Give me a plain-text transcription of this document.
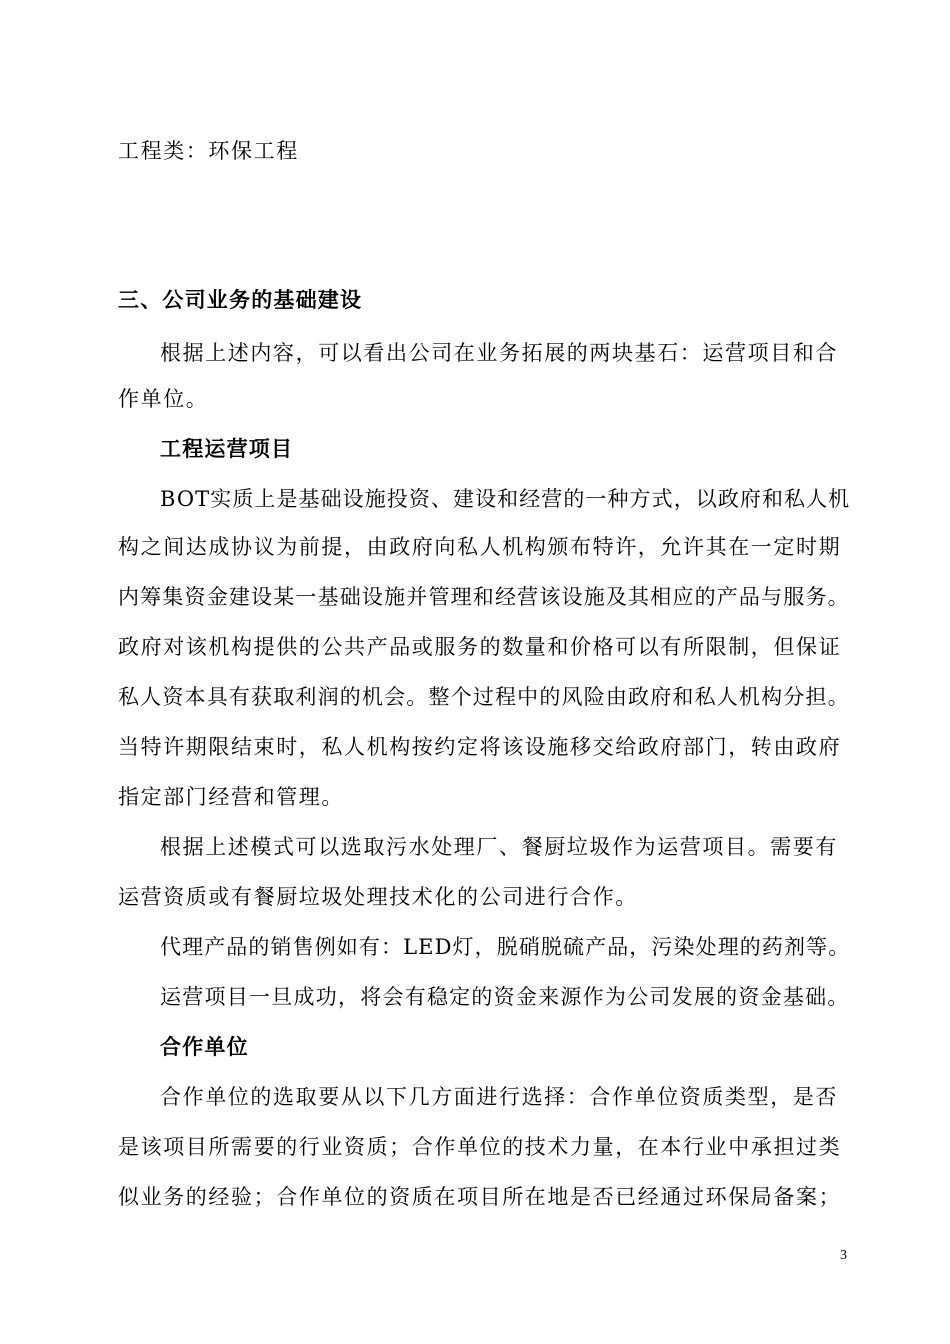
工程类：环保工程
三、公司业务的基础建设
根据上述内容，可以看出公司在业务拓展的两块基石：运营项目和合
作单位。
工程运营项目
BOT实质上是基础设施投资、建设和经营的一种方式，以政府和私人机
构之间达成协议为前提，由政府向私人机构颁布特许，允许其在一定时期
内筹集资金建设某一基础设施并管理和经营该设施及其相应的产品与服务。
政府对该机构提供的公共产品或服务的数量和价格可以有所限制，但保证
私人资本具有获取利润的机会。整个过程中的风险由政府和私人机构分担。
当特许期限结束时，私人机构按约定将该设施移交给政府部门，转由政府
指定部门经营和管理。
根据上述模式可以选取污水处理厂、餐厨垃圾作为运营项目。需要有
运营资质或有餐厨垃圾处理技术化的公司进行合作。
代理产品的销售例如有：LED灯，脱硝脱硫产品，污染处理的药剂等。
运营项目一旦成功，将会有稳定的资金来源作为公司发展的资金基础。
合作单位
合作单位的选取要从以下几方面进行选择：合作单位资质类型，是否
是该项目所需要的行业资质；合作单位的技术力量，在本行业中承担过类
似业务的经验；合作单位的资质在项目所在地是否已经通过环保局备案；
3
